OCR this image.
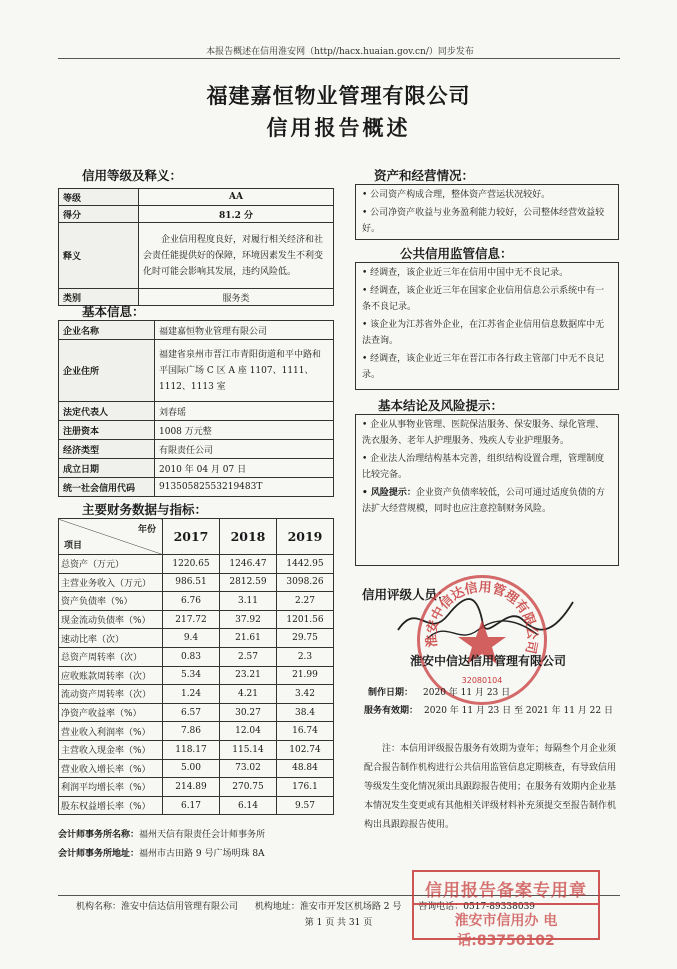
本报告概述在信用淮安网（http//hacx.huaian.gov.cn/）同步发布
福建嘉恒物业管理有限公司
信用报告概述
信用等级及释义：
等级	AA
得分	81.2 分
释义	企业信用程度良好，对履行相关经济和社会责任能提供好的保障，环境因素发生不利变化时可能会影响其发展，违约风险低。
类别	服务类
基本信息：
企业名称	福建嘉恒物业管理有限公司
企业住所	福建省泉州市晋江市青阳街道和平中路和平国际广场 C 区 A 座 1107、1111、1112、1113 室
法定代表人	刘春瑶
注册资本	1008 万元整
经济类型	有限责任公司
成立日期	2010 年 04 月 07 日
统一社会信用代码	91350582553219483T
主要财务数据与指标：
年份
项目	2017	2018	2019
总资产（万元）	1220.65	1246.47	1442.95
主营业务收入（万元）	986.51	2812.59	3098.26
资产负债率（%）	6.76	3.11	2.27
现金流动负债率（%）	217.72	37.92	1201.56
速动比率（次）	9.4	21.61	29.75
总资产周转率（次）	0.83	2.57	2.3
应收账款周转率（次）	5.34	23.21	21.99
流动资产周转率（次）	1.24	4.21	3.42
净资产收益率（%）	6.57	30.27	38.4
营业收入利润率（%）	7.86	12.04	16.74
主营收入现金率（%）	118.17	115.14	102.74
营业收入增长率（%）	5.00	73.02	48.84
利润平均增长率（%）	214.89	270.75	176.1
股东权益增长率（%）	6.17	6.14	9.57
会计师事务所名称：福州天信有限责任会计师事务所
会计师事务所地址：福州市古田路 9 号广场明珠 8A
资产和经营情况：

• 公司资产构成合理，整体资产营运状况较好。

• 公司净资产收益与业务盈利能力较好，公司整体经营效益较好。

公共信用监管信息：

• 经调查，该企业近三年在信用中国中无不良记录。

• 经调查，该企业近三年在国家企业信用信息公示系统中有一条不良记录。

• 该企业为江苏省外企业，在江苏省企业信用信息数据库中无法查询。

• 经调查，该企业近三年在晋江市各行政主管部门中无不良记录。

基本结论及风险提示：

• 企业从事物业管理、医院保洁服务、保安服务、绿化管理、洗衣服务、老年人护理服务、残疾人专业护理服务。

• 企业法人治理结构基本完善，组织结构设置合理，管理制度比较完备。

• 风险提示：企业资产负债率较低，公司可通过适度负债的方法扩大经营规模，同时也应注意控制财务风险。

信用评级人员：
淮安中信达信用管理有限公司
32080104
淮安中信达信用管理有限公司
制作日期： 2020 年 11 月 23 日
服务有效期： 2020 年 11 月 23 日 至 2021 年 11 月 22 日
注：本信用评级报告服务有效期为壹年；每隔叁个月企业须配合报告制作机构进行公共信用监管信息定期核查，有导致信用等级发生变化情况须出具跟踪报告使用；在服务有效期内企业基本情况发生变更或有其他相关评级材料补充须提交至报告制作机构出具跟踪报告使用。
机构名称：淮安中信达信用管理有限公司 机构地址：淮安市开发区机场路 2 号 咨询电话：0517-89338039
第 1 页 共 31 页
信用报告备案专用章
淮安市信用办 电话:83750102
